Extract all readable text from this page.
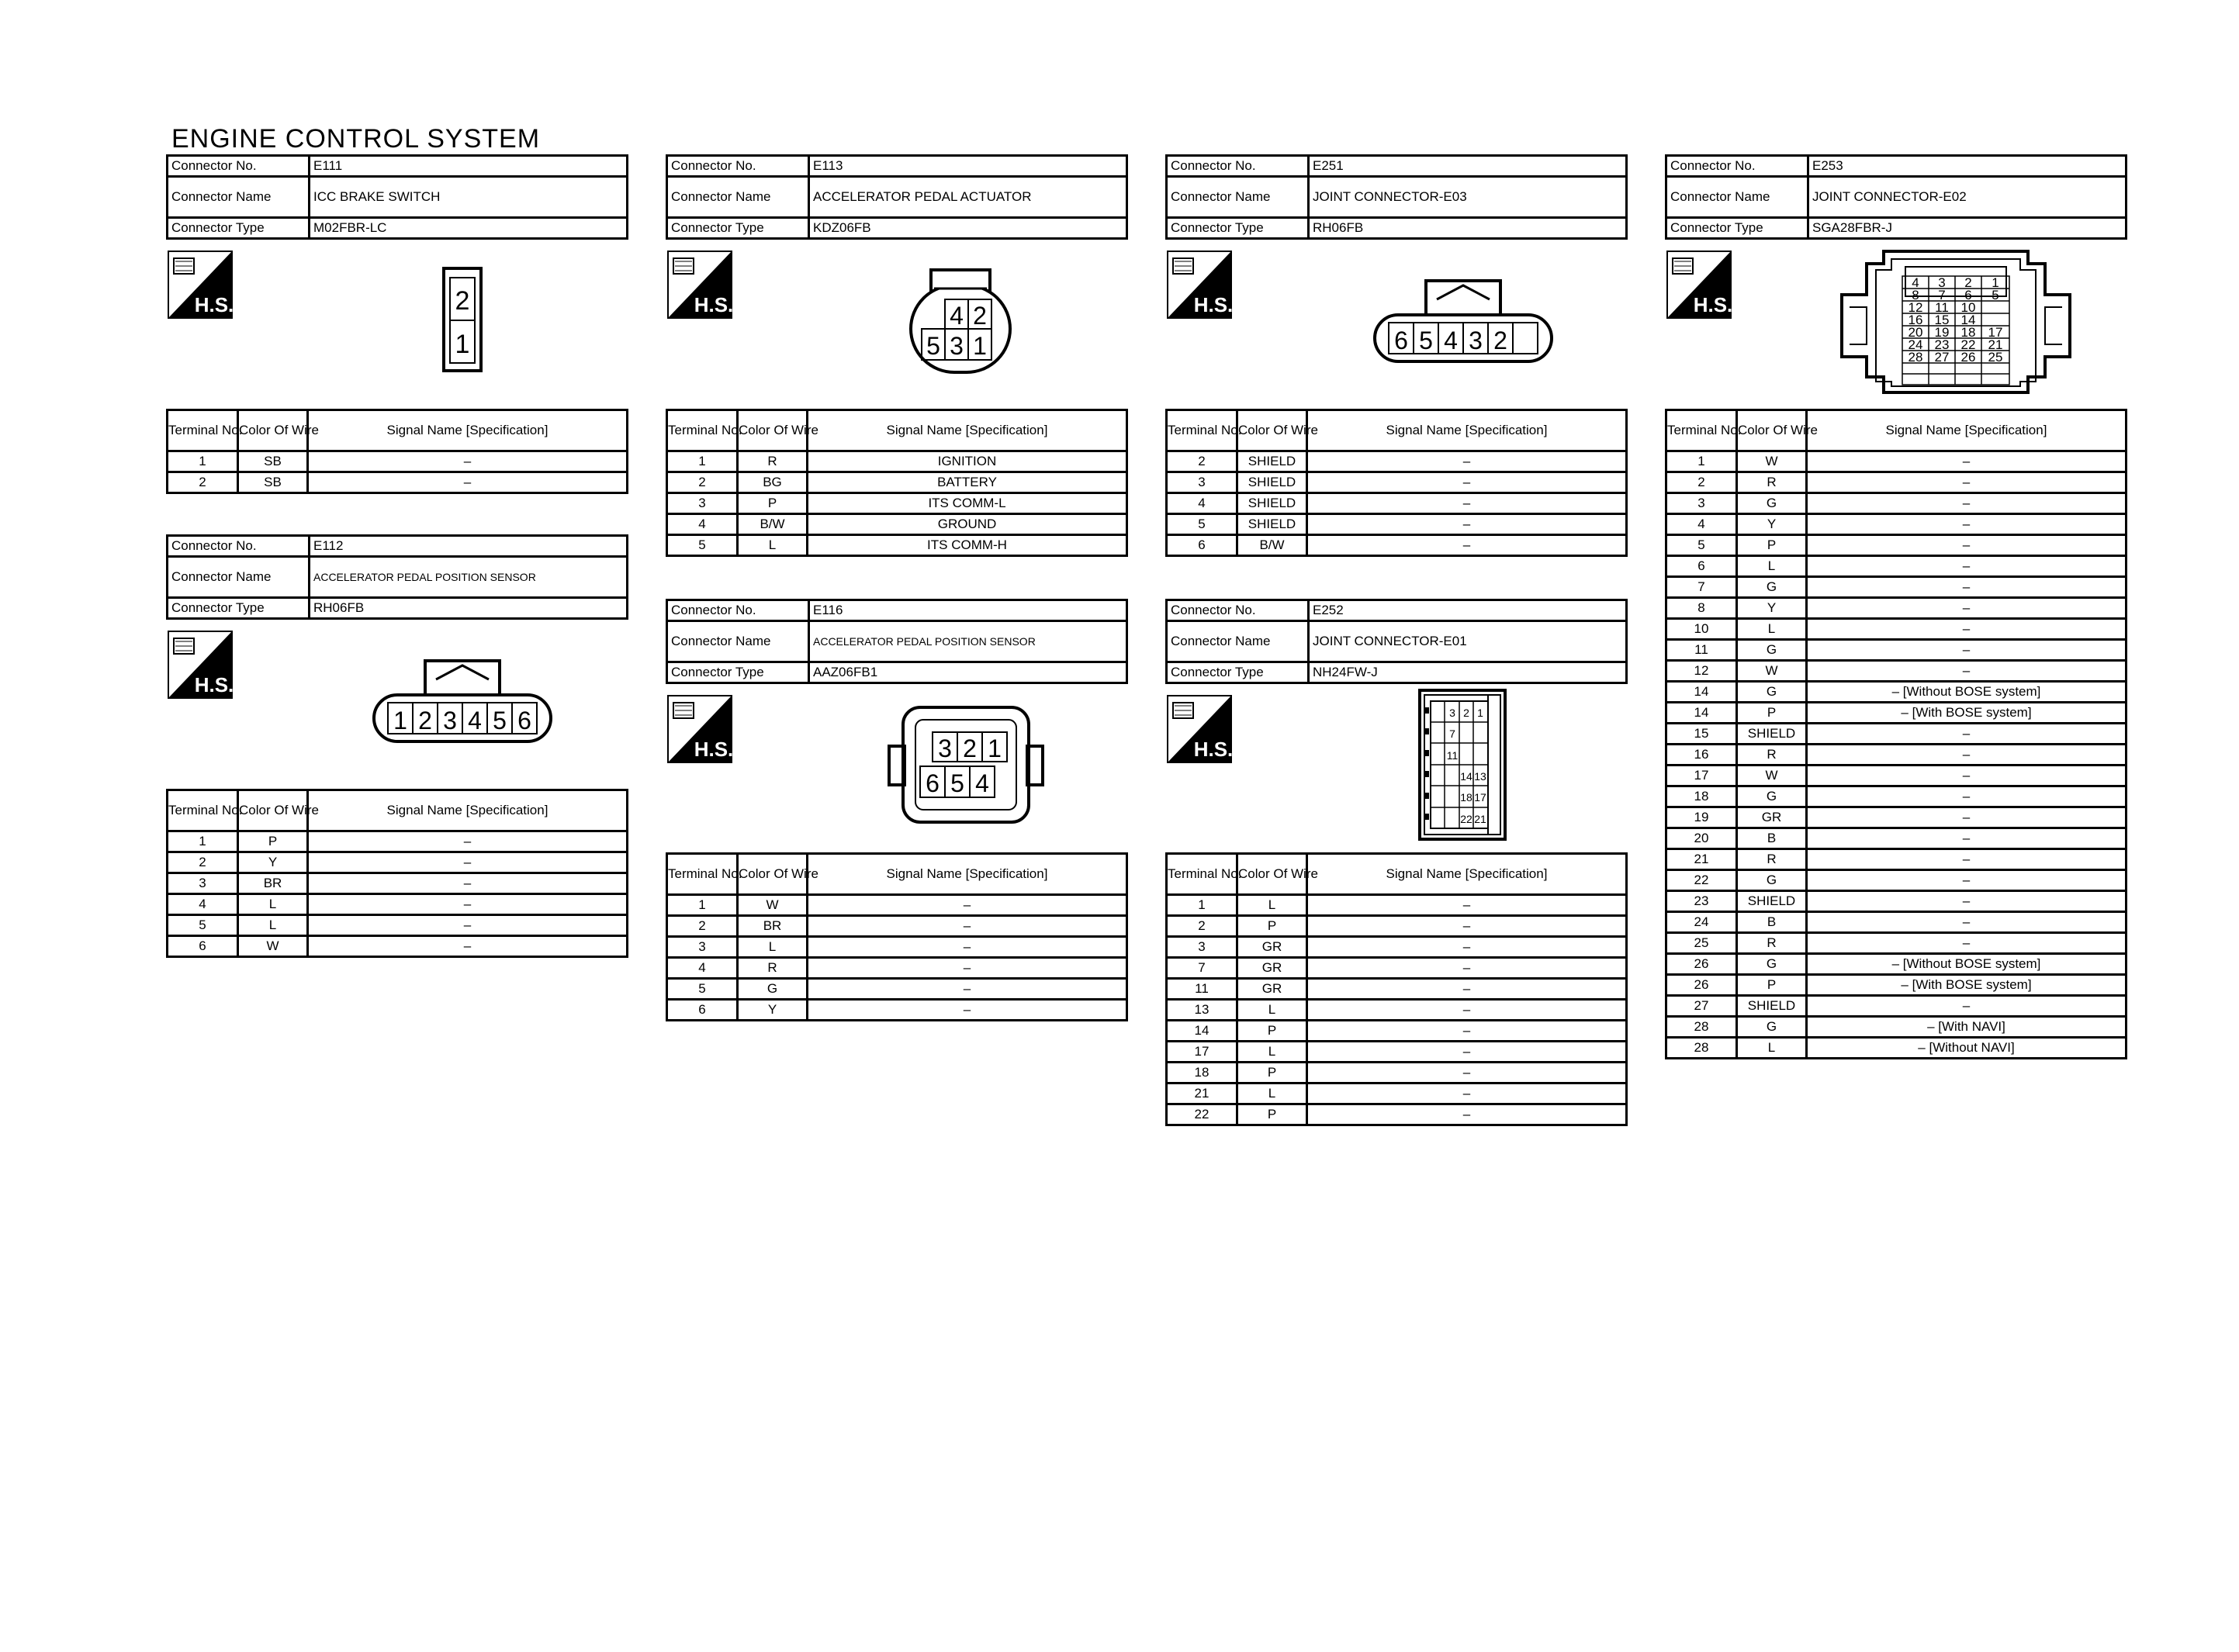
ENGINE CONTROL SYSTEM
Connector No.	E111
Connector Name	ICC BRAKE SWITCH
Connector Type	M02FBR-LC
H.S.	2
1
Terminal No.	Color Of Wire	Signal Name [Specification]
1	SB	–
2	SB	–
Connector No.	E112
Connector Name	ACCELERATOR PEDAL POSITION SENSOR
Connector Type	RH06FB
H.S.
1 2 3 4 5 6
Terminal No.	Color Of Wire	Signal Name [Specification]
1	P	–
2	Y	–
3	BR	–
4	L	–
5	L	–
6	W	–
Connector No.	E113
Connector Name	ACCELERATOR PEDAL ACTUATOR
Connector Type	KDZ06FB
H.S.	4 2
5 3 1
Terminal No.	Color Of Wire	Signal Name [Specification]
1	R	IGNITION
2	BG	BATTERY
3	P	ITS COMM-L
4	B/W	GROUND
5	L	ITS COMM-H
Connector No.	E116
Connector Name	ACCELERATOR PEDAL POSITION SENSOR
Connector Type	AAZ06FB1
H.S.	3 2 1
6 5 4
Terminal No.	Color Of Wire	Signal Name [Specification]
1	W	–
2	BR	–
3	L	–
4	R	–
5	G	–
6	Y	–
Connector No.	E251
Connector Name	JOINT CONNECTOR-E03
Connector Type	RH06FB
H.S.
6 5 4 3 2
Terminal No.	Color Of Wire	Signal Name [Specification]
2	SHIELD	–
3	SHIELD	–
4	SHIELD	–
5	SHIELD	–
6	B/W	–
Connector No.	E252
Connector Name	JOINT CONNECTOR-E01
Connector Type	NH24FW-J
H.S.
3 2 1
7
11
14 13
18 17
22 21
Terminal No.	Color Of Wire	Signal Name [Specification]
1	L	–
2	P	–
3	GR	–
7	GR	–
11	GR	–
13	L	–
14	P	–
17	L	–
18	P	–
21	L	–
22	P	–
Connector No.	E253
Connector Name	JOINT CONNECTOR-E02
Connector Type	SGA28FBR-J
H.S.
4 3 2 1
8 7 6 5
12 11 10
16 15 14
20 19 18 17
24 23 22 21
28 27 26 25
Terminal No.	Color Of Wire	Signal Name [Specification]
1	W	–
2	R	–
3	G	–
4	Y	–
5	P	–
6	L	–
7	G	–
8	Y	–
10	L	–
11	G	–
12	W	–
14	G	– [Without BOSE system]
14	P	– [With BOSE system]
15	SHIELD	–
16	R	–
17	W	–
18	G	–
19	GR	–
20	B	–
21	R	–
22	G	–
23	SHIELD	–
24	B	–
25	R	–
26	G	– [Without BOSE system]
26	P	– [With BOSE system]
27	SHIELD	–
28	G	– [With NAVI]
28	L	– [Without NAVI]
